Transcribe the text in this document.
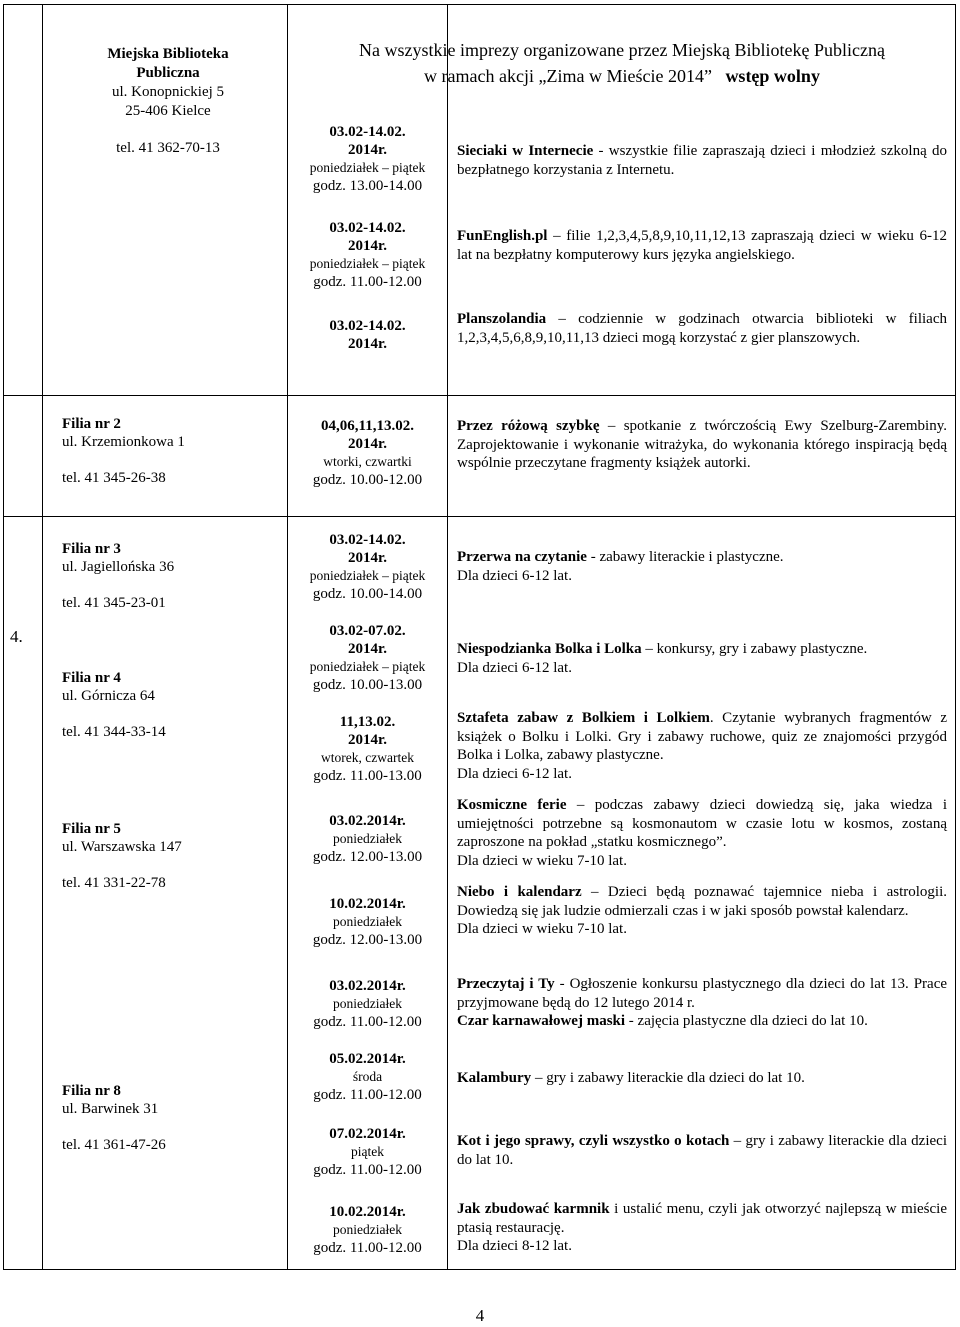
Na wszystkie imprezy organizowane przez Miejską Bibliotekę Publiczną
w ramach akcji „Zima w Mieście 2014” wstęp wolny
Miejska Biblioteka
Publiczna
ul. Konopnickiej 5
25-406 Kielce
tel. 41 362-70-13
03.02-14.02.
2014r.
poniedziałek – piątek
godz. 13.00-14.00
03.02-14.02.
2014r.
poniedziałek – piątek
godz. 11.00-12.00
03.02-14.02.
2014r.
Sieciaki w Internecie - wszystkie filie zapraszają dzieci i młodzież szkolną do bezpłatnego korzystania z Internetu.
FunEnglish.pl – filie 1,2,3,4,5,8,9,10,11,12,13 zapraszają dzieci w wieku 6-12 lat na bezpłatny komputerowy kurs języka angielskiego.
Planszolandia – codziennie w godzinach otwarcia biblioteki w filiach 1,2,3,4,5,6,8,9,10,11,13 dzieci mogą korzystać z gier planszowych.
Filia nr 2
ul. Krzemionkowa 1
tel. 41 345-26-38
04,06,11,13.02.
2014r.
wtorki, czwartki
godz. 10.00-12.00
Przez różową szybkę – spotkanie z twórczością Ewy Szelburg-Zarembiny. Zaprojektowanie i wykonanie witrażyka, do wykonania którego inspiracją będą wspólnie przeczytane fragmenty książek autorki.
4.
Filia nr 3
ul. Jagiellońska 36
tel. 41 345-23-01
Filia nr 4
ul. Górnicza 64
tel. 41 344-33-14
Filia nr 5
ul. Warszawska 147
tel. 41 331-22-78
Filia nr 8
ul. Barwinek 31
tel. 41 361-47-26
03.02-14.02.
2014r.
poniedziałek – piątek
godz. 10.00-14.00
03.02-07.02.
2014r.
poniedziałek – piątek
godz. 10.00-13.00
11,13.02.
2014r.
wtorek, czwartek
godz. 11.00-13.00
03.02.2014r.
poniedziałek
godz. 12.00-13.00
10.02.2014r.
poniedziałek
godz. 12.00-13.00
03.02.2014r.
poniedziałek
godz. 11.00-12.00
05.02.2014r.
środa
godz. 11.00-12.00
07.02.2014r.
piątek
godz. 11.00-12.00
10.02.2014r.
poniedziałek
godz. 11.00-12.00
Przerwa na czytanie - zabawy literackie i plastyczne.
Dla dzieci 6-12 lat.
Niespodzianka Bolka i Lolka – konkursy, gry i zabawy plastyczne.
Dla dzieci 6-12 lat.
Sztafeta zabaw z Bolkiem i Lolkiem. Czytanie wybranych fragmentów z książek o Bolku i Lolki. Gry i zabawy ruchowe, quiz ze znajomości przygód Bolka i Lolka, zabawy plastyczne.
Dla dzieci 6-12 lat.
Kosmiczne ferie – podczas zabawy dzieci dowiedzą się, jaka wiedza i umiejętności potrzebne są kosmonautom w czasie lotu w kosmos, zostaną zaproszone na pokład „statku kosmicznego”.
Dla dzieci w wieku 7-10 lat.
Niebo i kalendarz – Dzieci będą poznawać tajemnice nieba i astrologii. Dowiedzą się jak ludzie odmierzali czas i w jaki sposób powstał kalendarz.
Dla dzieci w wieku 7-10 lat.
Przeczytaj i Ty - Ogłoszenie konkursu plastycznego dla dzieci do lat 13. Prace przyjmowane będą do 12 lutego 2014 r.
Czar karnawałowej maski - zajęcia plastyczne dla dzieci do lat 10.
Kalambury – gry i zabawy literackie dla dzieci do lat 10.
Kot i jego sprawy, czyli wszystko o kotach – gry i zabawy literackie dla dzieci do lat 10.
Jak zbudować karmnik i ustalić menu, czyli jak otworzyć najlepszą w mieście ptasią restaurację.
Dla dzieci 8-12 lat.
4
